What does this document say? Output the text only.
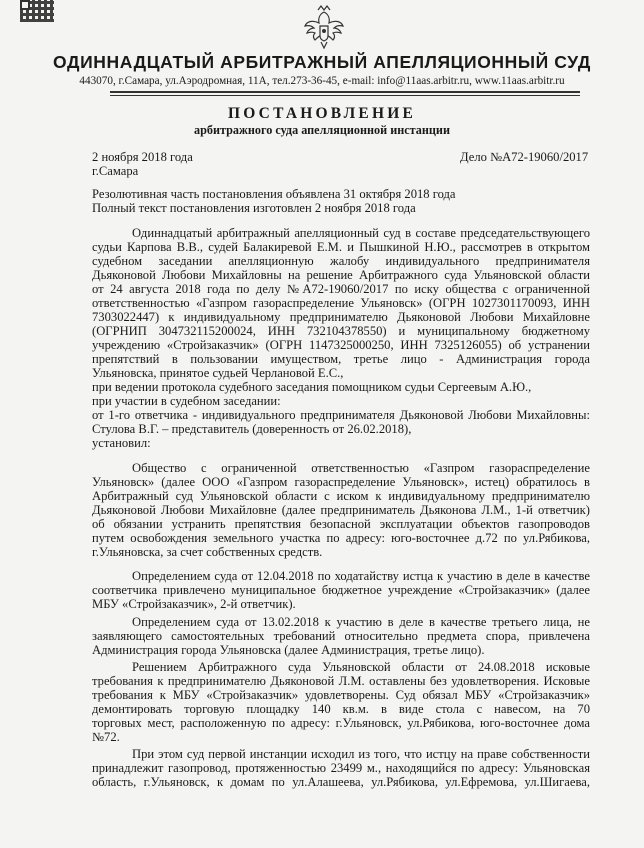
ОДИННАДЦАТЫЙ АРБИТРАЖНЫЙ АПЕЛЛЯЦИОННЫЙ СУД
443070, г.Самара, ул.Аэродромная, 11А, тел.273-36-45, e-mail: info@11aas.arbitr.ru, www.11aas.arbitr.ru
ПОСТАНОВЛЕНИЕ
арбитражного суда апелляционной инстанции
2 ноября 2018 года	Дело №А72-19060/2017
г.Самара
Резолютивная часть постановления объявлена 31 октября 2018 года
Полный текст постановления изготовлен 2 ноября 2018 года
Одиннадцатый арбитражный апелляционный суд в составе председательствующего
судьи Карпова В.В., судей Балакиревой Е.М. и Пышкиной Н.Ю., рассмотрев в открытом
судебном заседании апелляционную жалобу индивидуального предпринимателя
Дьяконовой Любови Михайловны на решение Арбитражного суда Ульяновской области
от 24 августа 2018 года по делу №А72-19060/2017 по иску общества с ограниченной
ответственностью «Газпром газораспределение Ульяновск» (ОГРН 1027301170093, ИНН
7303022447) к индивидуальному предпринимателю Дьяконовой Любови Михайловне
(ОГРНИП 304732115200024, ИНН 732104378550) и муниципальному бюджетному
учреждению «Стройзаказчик» (ОГРН 1147325000250, ИНН 7325126055) об устранении
препятствий в пользовании имуществом, третье лицо - Администрация города
Ульяновска, принятое судьей Черлановой Е.С.,
при ведении протокола судебного заседания помощником судьи Сергеевым А.Ю.,
при участии в судебном заседании:
от 1-го ответчика - индивидуального предпринимателя Дьяконовой Любови Михайловны:
Стулова В.Г. – представитель (доверенность от 26.02.2018),
установил:
Общество с ограниченной ответственностью «Газпром газораспределение
Ульяновск» (далее ООО «Газпром газораспределение Ульяновск», истец) обратилось в
Арбитражный суд Ульяновской области с иском к индивидуальному предпринимателю
Дьяконовой Любови Михайловне (далее предприниматель Дьяконова Л.М., 1-й ответчик)
об обязании устранить препятствия безопасной эксплуатации объектов газопроводов
путем освобождения земельного участка по адресу: юго-восточнее д.72 по ул.Рябикова,
г.Ульяновска, за счет собственных средств.
Определением суда от 12.04.2018 по ходатайству истца к участию в деле в качестве
соответчика привлечено муниципальное бюджетное учреждение «Стройзаказчик» (далее
МБУ «Стройзаказчик», 2-й ответчик).
Определением суда от 13.02.2018 к участию в деле в качестве третьего лица, не
заявляющего самостоятельных требований относительно предмета спора, привлечена
Администрация города Ульяновска (далее Администрация, третье лицо).
Решением Арбитражного суда Ульяновской области от 24.08.2018 исковые
требования к предпринимателю Дьяконовой Л.М. оставлены без удовлетворения. Исковые
требования к МБУ «Стройзаказчик» удовлетворены. Суд обязал МБУ «Стройзаказчик»
демонтировать торговую площадку 140 кв.м. в виде стола с навесом, на 70
торговых мест, расположенную по адресу: г.Ульяновск, ул.Рябикова, юго-восточнее дома
№72.
При этом суд первой инстанции исходил из того, что истцу на праве собственности
принадлежит газопровод, протяженностью 23499 м., находящийся по адресу: Ульяновская
область, г.Ульяновск, к домам по ул.Алашеева, ул.Рябикова, ул.Ефремова, ул.Шигаева,
